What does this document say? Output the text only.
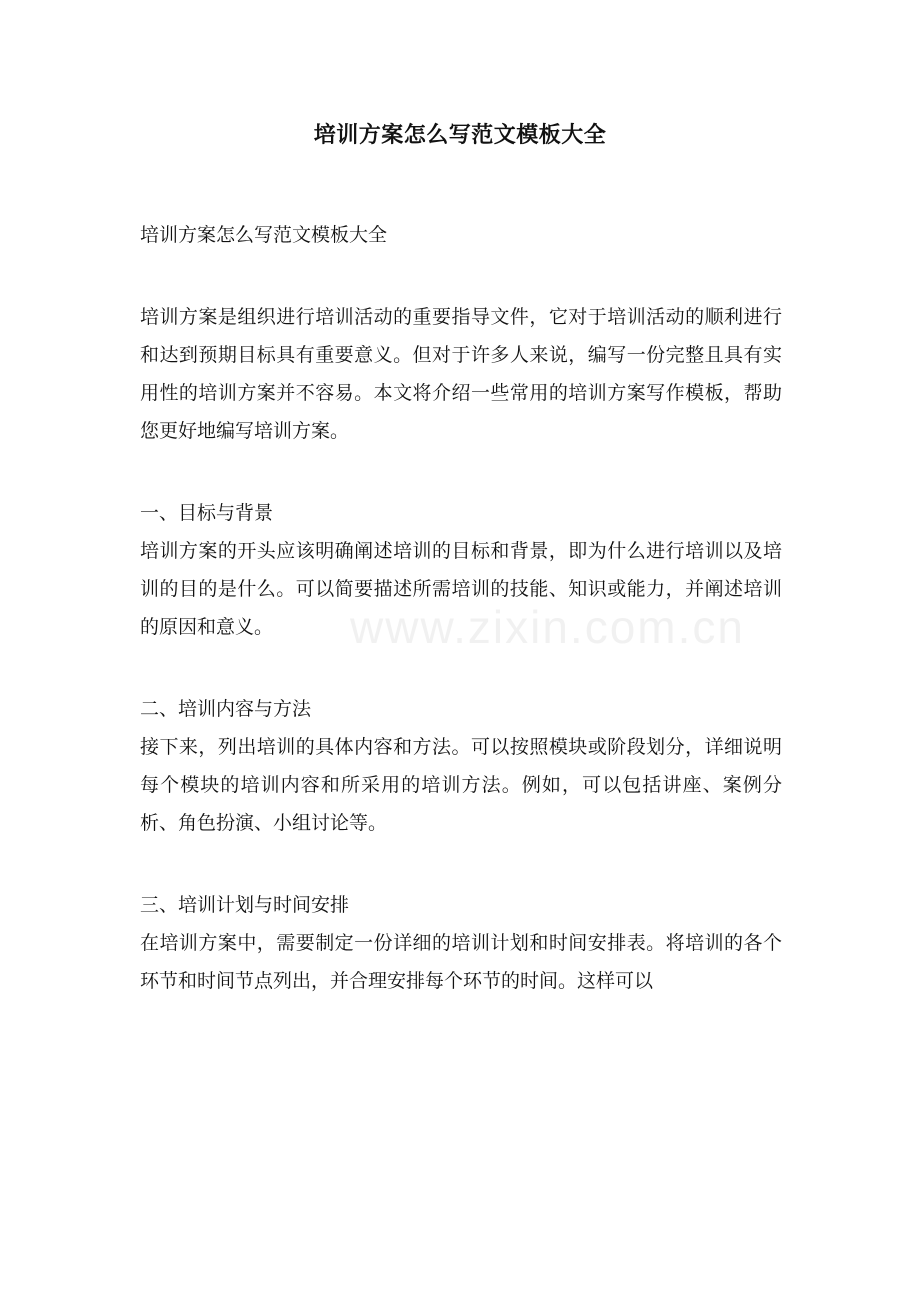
www.zixin.com.cn
培训方案怎么写范文模板大全

培训方案怎么写范文模板大全

培训方案是组织进行培训活动的重要指导文件，它对于培训活动的顺利进行和达到预期目标具有重要意义。但对于许多人来说，编写一份完整且具有实用性的培训方案并不容易。本文将介绍一些常用的培训方案写作模板，帮助您更好地编写培训方案。

一、目标与背景

培训方案的开头应该明确阐述培训的目标和背景，即为什么进行培训以及培训的目的是什么。可以简要描述所需培训的技能、知识或能力，并阐述培训的原因和意义。

二、培训内容与方法

接下来，列出培训的具体内容和方法。可以按照模块或阶段划分，详细说明每个模块的培训内容和所采用的培训方法。例如，可以包括讲座、案例分析、角色扮演、小组讨论等。

三、培训计划与时间安排

在培训方案中，需要制定一份详细的培训计划和时间安排表。将培训的各个环节和时间节点列出，并合理安排每个环节的时间。这样可以
